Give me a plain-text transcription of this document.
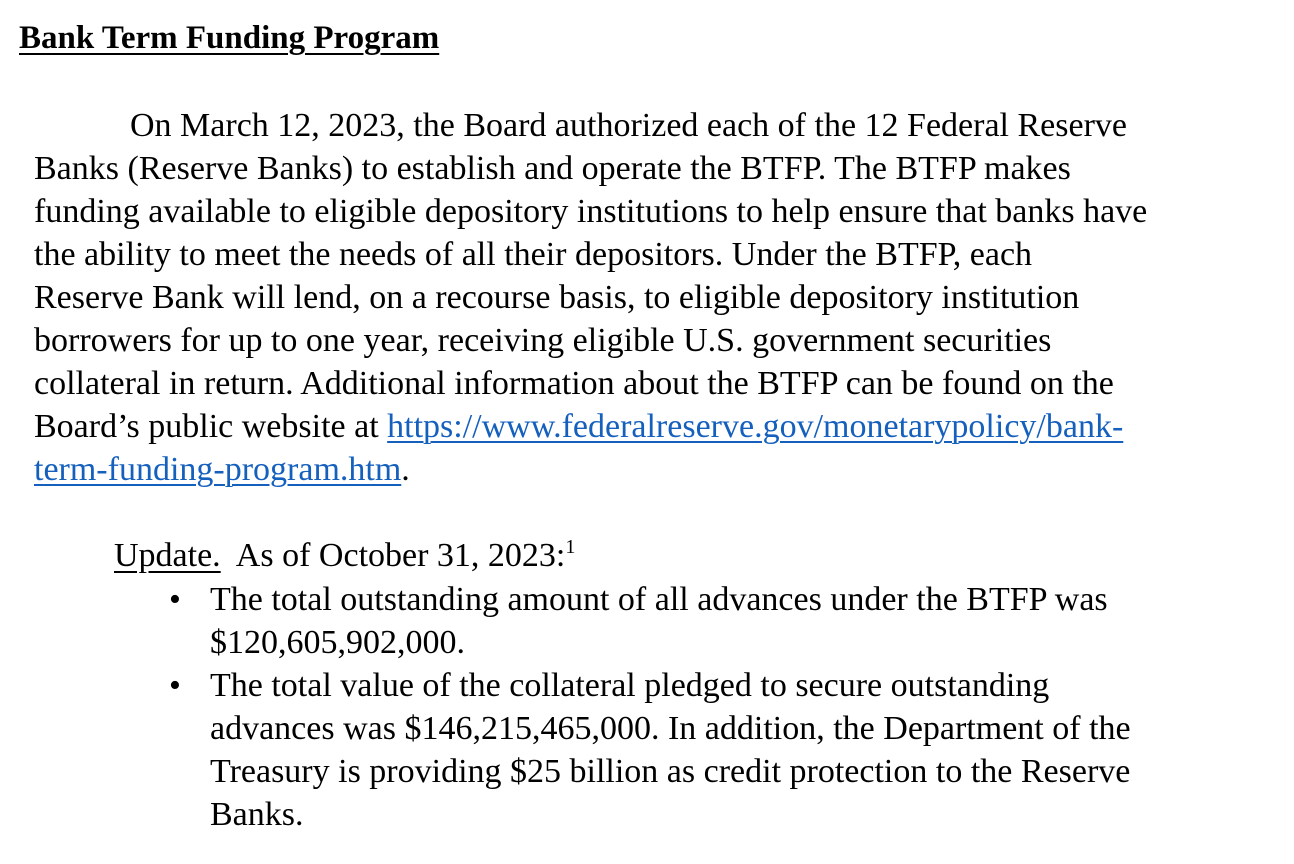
Bank Term Funding Program
On March 12, 2023, the Board authorized each of the 12 Federal Reserve
Banks (Reserve Banks) to establish and operate the BTFP. The BTFP makes
funding available to eligible depository institutions to help ensure that banks have
the ability to meet the needs of all their depositors. Under the BTFP, each
Reserve Bank will lend, on a recourse basis, to eligible depository institution
borrowers for up to one year, receiving eligible U.S. government securities
collateral in return. Additional information about the BTFP can be found on the
Board’s public website at https://www.federalreserve.gov/monetarypolicy/bank-
term-funding-program.htm.
Update.  As of October 31, 2023:$^1$
• The total outstanding amount of all advances under the BTFP was
$120,605,902,000.
• The total value of the collateral pledged to secure outstanding
advances was $146,215,465,000. In addition, the Department of the
Treasury is providing $25 billion as credit protection to the Reserve
Banks.
